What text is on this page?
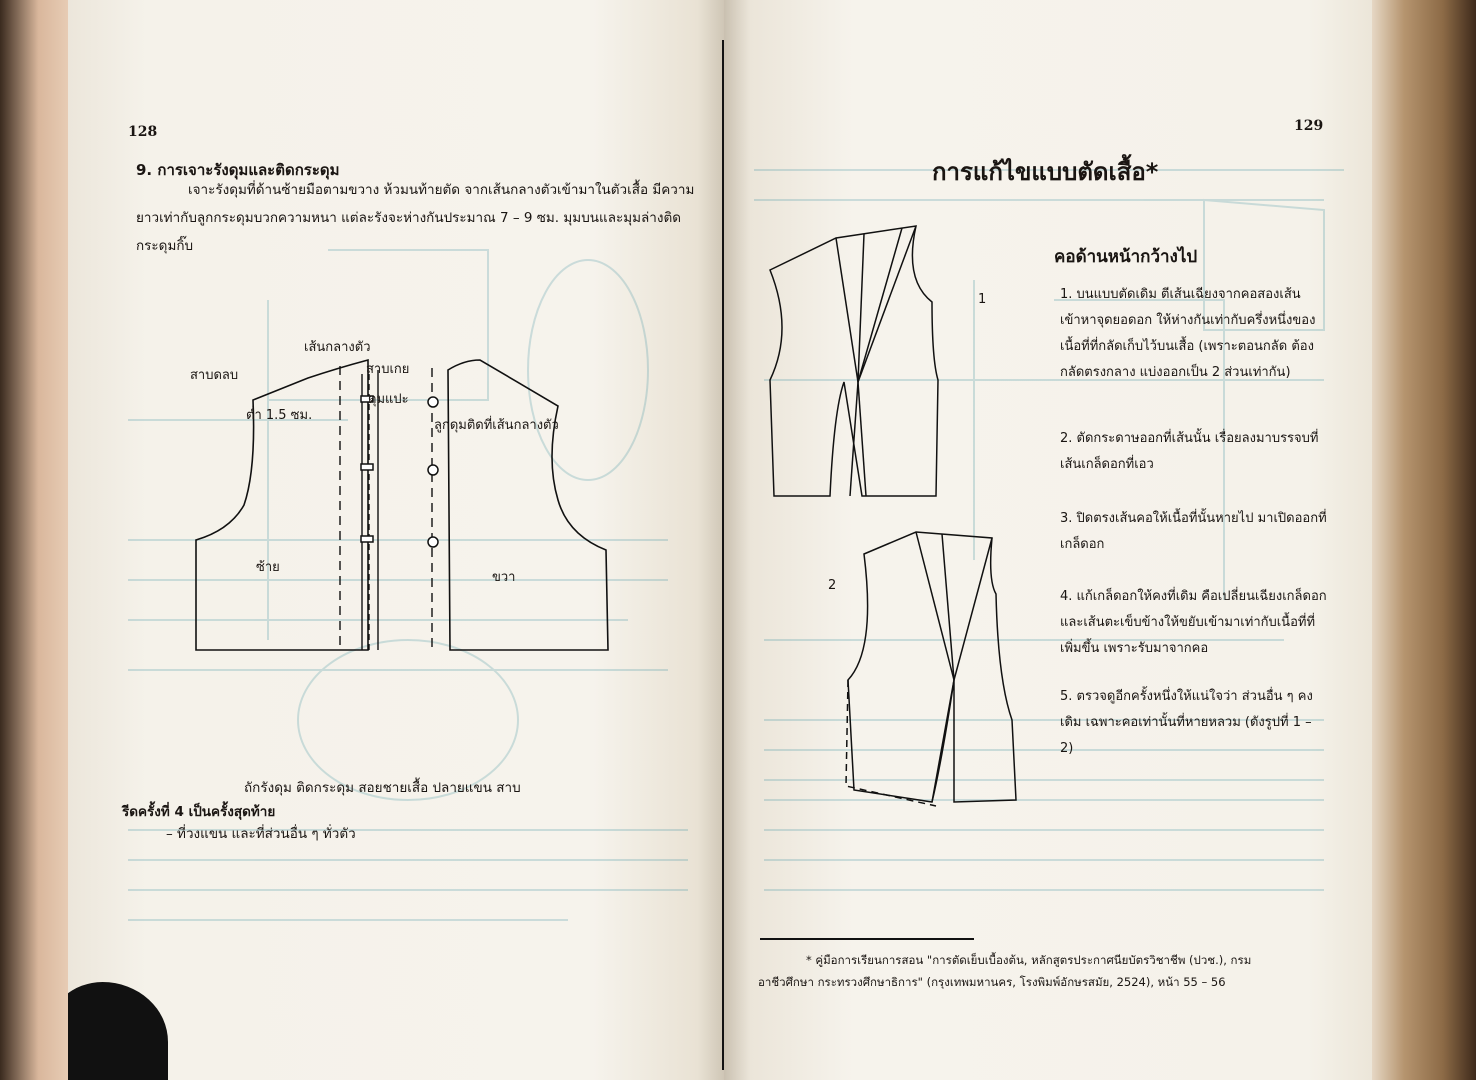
128
9. การเจาะรังดุมและติดกระดุม
เจาะรังดุมที่ด้านซ้ายมือตามขวาง ห้วมนท้ายตัด จากเส้นกลางตัวเข้ามาในตัวเสื้อ มีความยาวเท่ากับลูกกระดุมบวกความหนา แต่ละรังจะห่างกันประมาณ 7 – 9 ซม. มุมบนและมุมล่างติดกระดุมกิ๊บ
เส้นกลางตัว
สาบดลบ	สาบเกย
ดุมแปะ
ต่ำ 1.5 ซม.
ลูกดุมติดที่เส้นกลางตัว
ซ้าย
ขวา
ถักรังดุม ติดกระดุม สอยชายเสื้อ ปลายแขน สาบ
รีดครั้งที่ 4 เป็นครั้งสุดท้าย
– ที่วงแขน และที่ส่วนอื่น ๆ ทั่วตัว
129
การแก้ไขแบบตัดเสื้อ*
คอด้านหน้ากว้างไป
1
2
1. บนแบบตัดเดิม ตีเส้นเฉียงจากคอสองเส้น เข้าหาจุดยอดอก ให้ห่างกันเท่ากับครึ่งหนึ่งของเนื้อที่ที่กลัดเก็บไว้บนเสื้อ (เพราะตอนกลัด ต้องกลัดตรงกลาง แบ่งออกเป็น 2 ส่วนเท่ากัน)
2. ตัดกระดาษออกที่เส้นนั้น เรื่อยลงมาบรรจบที่เส้นเกล็ดอกที่เอว
3. ปิดตรงเส้นคอให้เนื้อที่นั้นหายไป มาเปิดออกที่เกล็ดอก
4. แก้เกล็ดอกให้คงที่เดิม คือเปลี่ยนเฉียงเกล็ดอก และเส้นตะเข็บข้างให้ขยับเข้ามาเท่ากับเนื้อที่ที่เพิ่มขึ้น เพราะรับมาจากคอ
5. ตรวจดูอีกครั้งหนึ่งให้แน่ใจว่า ส่วนอื่น ๆ คงเดิม เฉพาะคอเท่านั้นที่หายหลวม (ดังรูปที่ 1 – 2)
* คู่มือการเรียนการสอน "การตัดเย็บเบื้องต้น, หลักสูตรประกาศนียบัตรวิชาชีพ (ปวช.), กรม
อาชีวศึกษา กระทรวงศึกษาธิการ" (กรุงเทพมหานคร, โรงพิมพ์อักษรสมัย, 2524), หน้า 55 – 56
